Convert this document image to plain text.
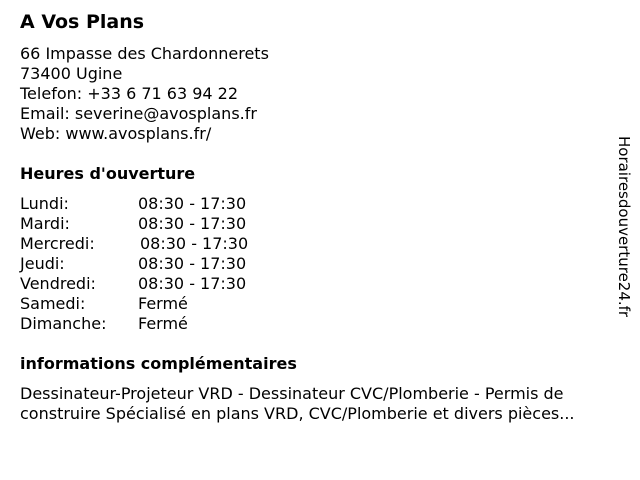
A Vos Plans
66 Impasse des Chardonnerets
73400 Ugine
Telefon: +33 6 71 63 94 22
Email: severine@avosplans.fr
Web: www.avosplans.fr/
Heures d'ouverture
Lundi:	08:30 - 17:30
Mardi:	08:30 - 17:30
Mercredi:	08:30 - 17:30
Jeudi:	08:30 - 17:30
Vendredi:	08:30 - 17:30
Samedi:	Fermé
Dimanche:	Fermé
informations complémentaires
Dessinateur-Projeteur VRD - Dessinateur CVC/Plomberie - Permis de construire Spécialisé en plans VRD, CVC/Plomberie et divers pièces...
Horairesdouverture24.fr
